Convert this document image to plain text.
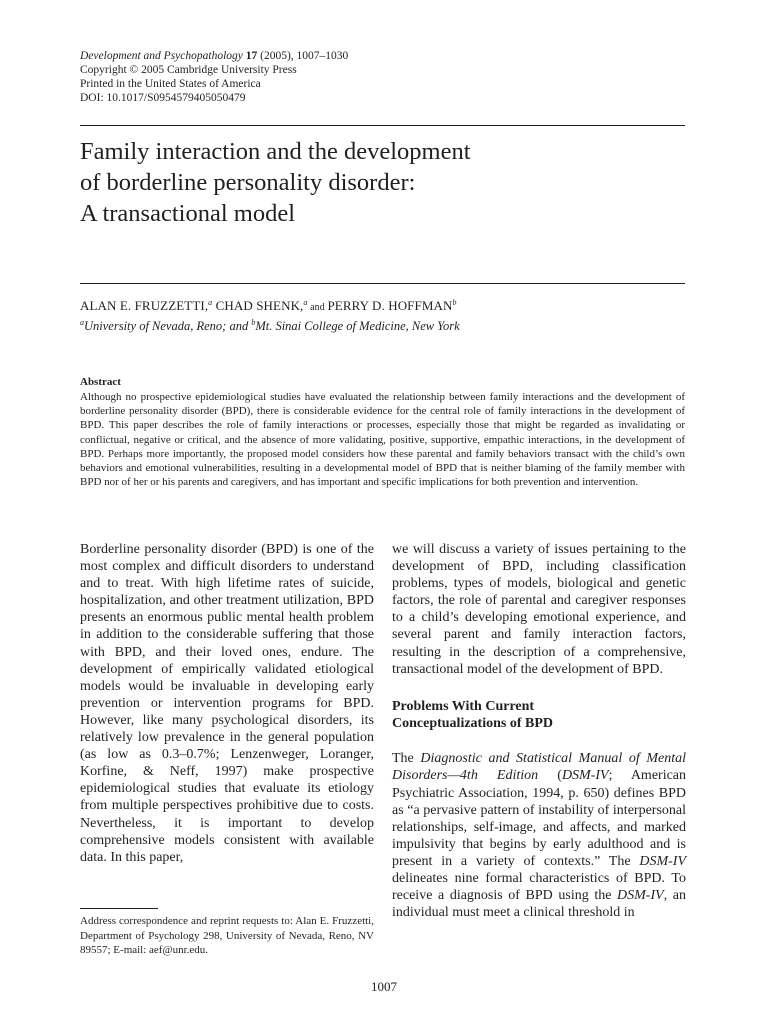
Development and Psychopathology 17 (2005), 1007–1030
Copyright © 2005 Cambridge University Press
Printed in the United States of America
DOI: 10.1017/S0954579405050479
Family interaction and the development
of borderline personality disorder:
A transactional model
ALAN E. FRUZZETTI,$^a$ CHAD SHENK,$^a$ and PERRY D. HOFFMAN$^b$
$^a$University of Nevada, Reno; and $^b$Mt. Sinai College of Medicine, New York
Abstract
Although no prospective epidemiological studies have evaluated the relationship between family interactions and the development of borderline personality disorder (BPD), there is considerable evidence for the central role of family interactions in the development of BPD. This paper describes the role of family interactions or processes, especially those that might be regarded as invalidating or conflictual, negative or critical, and the absence of more validating, positive, supportive, empathic interactions, in the development of BPD. Perhaps more importantly, the proposed model considers how these parental and family behaviors transact with the child’s own behaviors and emotional vulnerabilities, resulting in a developmental model of BPD that is neither blaming of the family member with BPD nor of her or his parents and caregivers, and has important and specific implications for both prevention and intervention.

Borderline personality disorder (BPD) is one of the most complex and difficult disorders to understand and to treat. With high lifetime rates of suicide, hospitalization, and other treatment utilization, BPD presents an enormous public mental health problem in addition to the considerable suffering that those with BPD, and their loved ones, endure. The development of empirically validated etiological models would be invaluable in developing early prevention or intervention programs for BPD. However, like many psychological disorders, its relatively low prevalence in the general population (as low as 0.3–0.7%; Lenzenweger, Loranger, Korfine, & Neff, 1997) make prospective epidemiological studies that evaluate its etiology from multiple perspectives prohibitive due to costs. Nevertheless, it is important to develop comprehensive models consistent with available data. In this paper,

we will discuss a variety of issues pertaining to the development of BPD, including classification problems, types of models, biological and genetic factors, the role of parental and caregiver responses to a child’s developing emotional experience, and several parent and family interaction factors, resulting in the description of a comprehensive, transactional model of the development of BPD.

Problems With Current
Conceptualizations of BPD

The Diagnostic and Statistical Manual of Mental Disorders—4th Edition (DSM-IV; American Psychiatric Association, 1994, p. 650) defines BPD as “a pervasive pattern of instability of interpersonal relationships, self-image, and affects, and marked impulsivity that begins by early adulthood and is present in a variety of contexts.” The DSM-IV delineates nine formal characteristics of BPD. To receive a diagnosis of BPD using the DSM-IV, an individual must meet a clinical threshold in

Address correspondence and reprint requests to: Alan E. Fruzzetti, Department of Psychology 298, University of Nevada, Reno, NV 89557; E-mail: aef@unr.edu.
1007
